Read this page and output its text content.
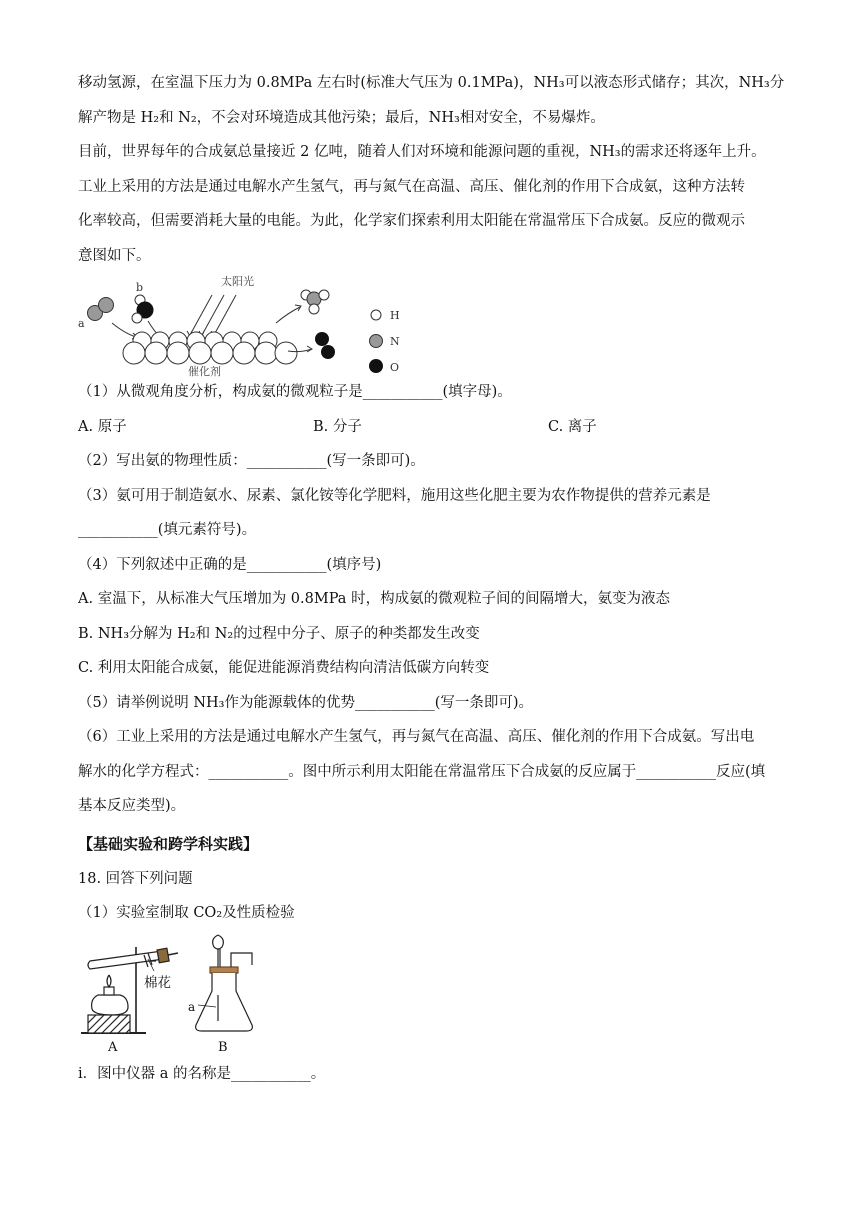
移动氢源，在室温下压力为 0.8MPa 左右时(标准大气压为 0.1MPa)，NH₃可以液态形式储存；其次，NH₃分

解产物是 H₂和 N₂，不会对环境造成其他污染；最后，NH₃相对安全，不易爆炸。

目前，世界每年的合成氨总量接近 2 亿吨，随着人们对环境和能源问题的重视，NH₃的需求还将逐年上升。

工业上采用的方法是通过电解水产生氢气，再与氮气在高温、高压、催化剂的作用下合成氨，这种方法转

化率较高，但需要消耗大量的电能。为此，化学家们探索利用太阳能在常温常压下合成氨。反应的微观示

意图如下。

a
b	太阳光
催化剂
H
N
O

（1）从微观角度分析，构成氨的微观粒子是___________(填字母)。

A. 原子	B. 分子	C. 离子

（2）写出氨的物理性质：___________(写一条即可)。

（3）氨可用于制造氨水、尿素、氯化铵等化学肥料，施用这些化肥主要为农作物提供的营养元素是

___________(填元素符号)。

（4）下列叙述中正确的是___________(填序号)

A. 室温下，从标准大气压增加为 0.8MPa 时，构成氨的微观粒子间的间隔增大，氨变为液态

B. NH₃分解为 H₂和 N₂的过程中分子、原子的种类都发生改变

C. 利用太阳能合成氨，能促进能源消费结构向清洁低碳方向转变

（5）请举例说明 NH₃作为能源载体的优势___________(写一条即可)。

（6）工业上采用的方法是通过电解水产生氢气，再与氮气在高温、高压、催化剂的作用下合成氨。写出电

解水的化学方程式：___________。图中所示利用太阳能在常温常压下合成氨的反应属于___________反应(填

基本反应类型)。

【基础实验和跨学科实践】

18. 回答下列问题

（1）实验室制取 CO₂及性质检验

棉花
A
a
B

i．图中仪器 a 的名称是___________。
